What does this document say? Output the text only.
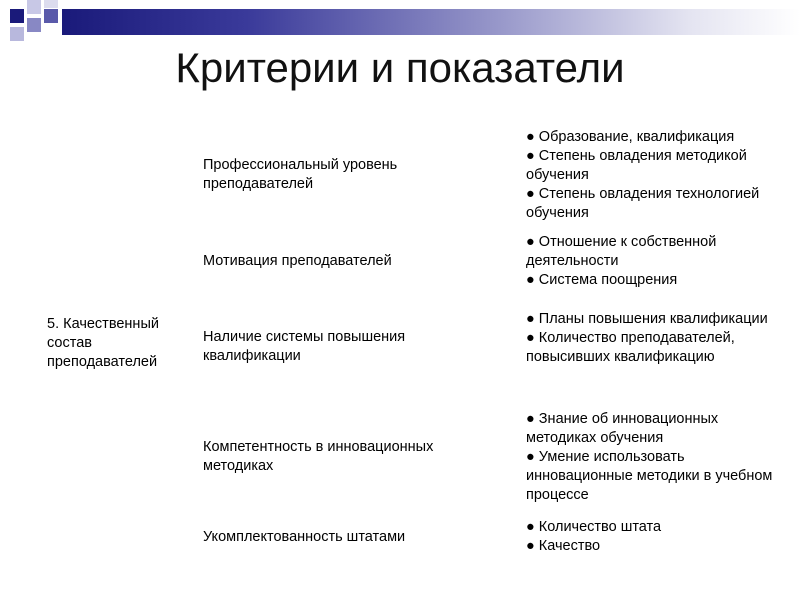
Критерии и показатели
5. Качественный состав преподавателей
Профессиональный уровень преподавателей
Мотивация преподавателей
Наличие системы повышения квалификации
Компетентность в инновационных методиках
Укомплектованность штатами
● Образование, квалификация
● Степень овладения методикой обучения
● Степень овладения технологией обучения
● Отношение к собственной деятельности
● Система поощрения
● Планы повышения квалификации
● Количество преподавателей, повысивших квалификацию
● Знание об инновационных методиках обучения
● Умение использовать инновационные методики в учебном процессе
● Количество штата
● Качество
